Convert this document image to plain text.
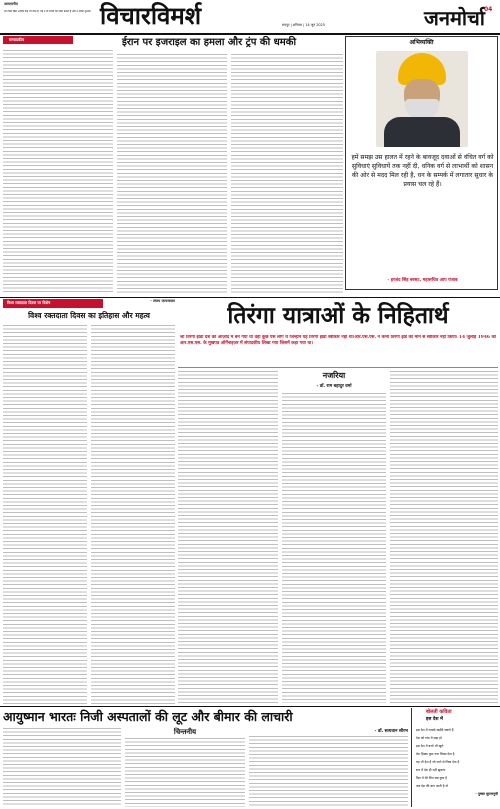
अतएवनीय
जो दोस्त बिना आपके कह भी जाते हैं, वह न तो सच्चा को दोस्त बनाते है और न सच्चा दुश्मन! विचारविमर्श	रायपुर | शनिवार | 14 जून 2025	जनमोर्चा 04
सम्पादकीय	ईरान पर इजराइल का हमला और ट्रंप की धमकी	अभिव्यक्ति
हमें समझ उस हालत में रहने के बावजूद दवाओं से वंचित वर्ग को सुविधाएं सुविधायें तक नहीं दी, धनिक वर्ग से लाभार्थी को शासन की ओर से मदद मिल रही है, धन के सम्पर्क में लगातार सुधार के प्रयास चल रहे हैं।
- हरजंद सिंह बरसट, महासचिव आप पंजाब
विश्व रक्तदाता दिवस पर विशेष	- संजय जायसवाल
विश्व रक्तदाता दिवस का इतिहास और महत्व	तिरंगा यात्राओं के निहितार्थ
जो तिरंगा झंडा देश की आज़ाद में बन गया था वहां कुछ ऐसे लोग थे जिन्होंने यह तिरंगा झंडा स्वीकार नहीं था।आर.एस.एस. ने कभी तिरंगा झंडे को मान से स्वीकार नहीं किया। 14 जुलाई 1946 को आर.एस.एस. के मुखपत्र ऑर्गेनाइज़र में संपादकीय लिखा गया जिसमें कहा गया था।
नजरिया
- डॉ. राम बहादुर वर्मा
आयुष्मान भारतः निजी अस्पतालों की लूट और बीमार की लाचारी
चिन्तनीय	- डॉ. सत्यवान सौरभ
बोलती कविता
इस देश में
इस देश में नाबांदे खड़ीदें सकते हैं
देश को गांव में सड़ा हो
इस देश में बच्चे भी खुले
मेरा हिस्सा कुछ नया लिखा देता है
यह भी देश है जो जाने से लिख देता है
सच में देश ही नहीं झुकता
दिल में मेरे लिए सब कुछ है
जब देश की बात आती है तो
- पुष्कर सुमनानुमी
